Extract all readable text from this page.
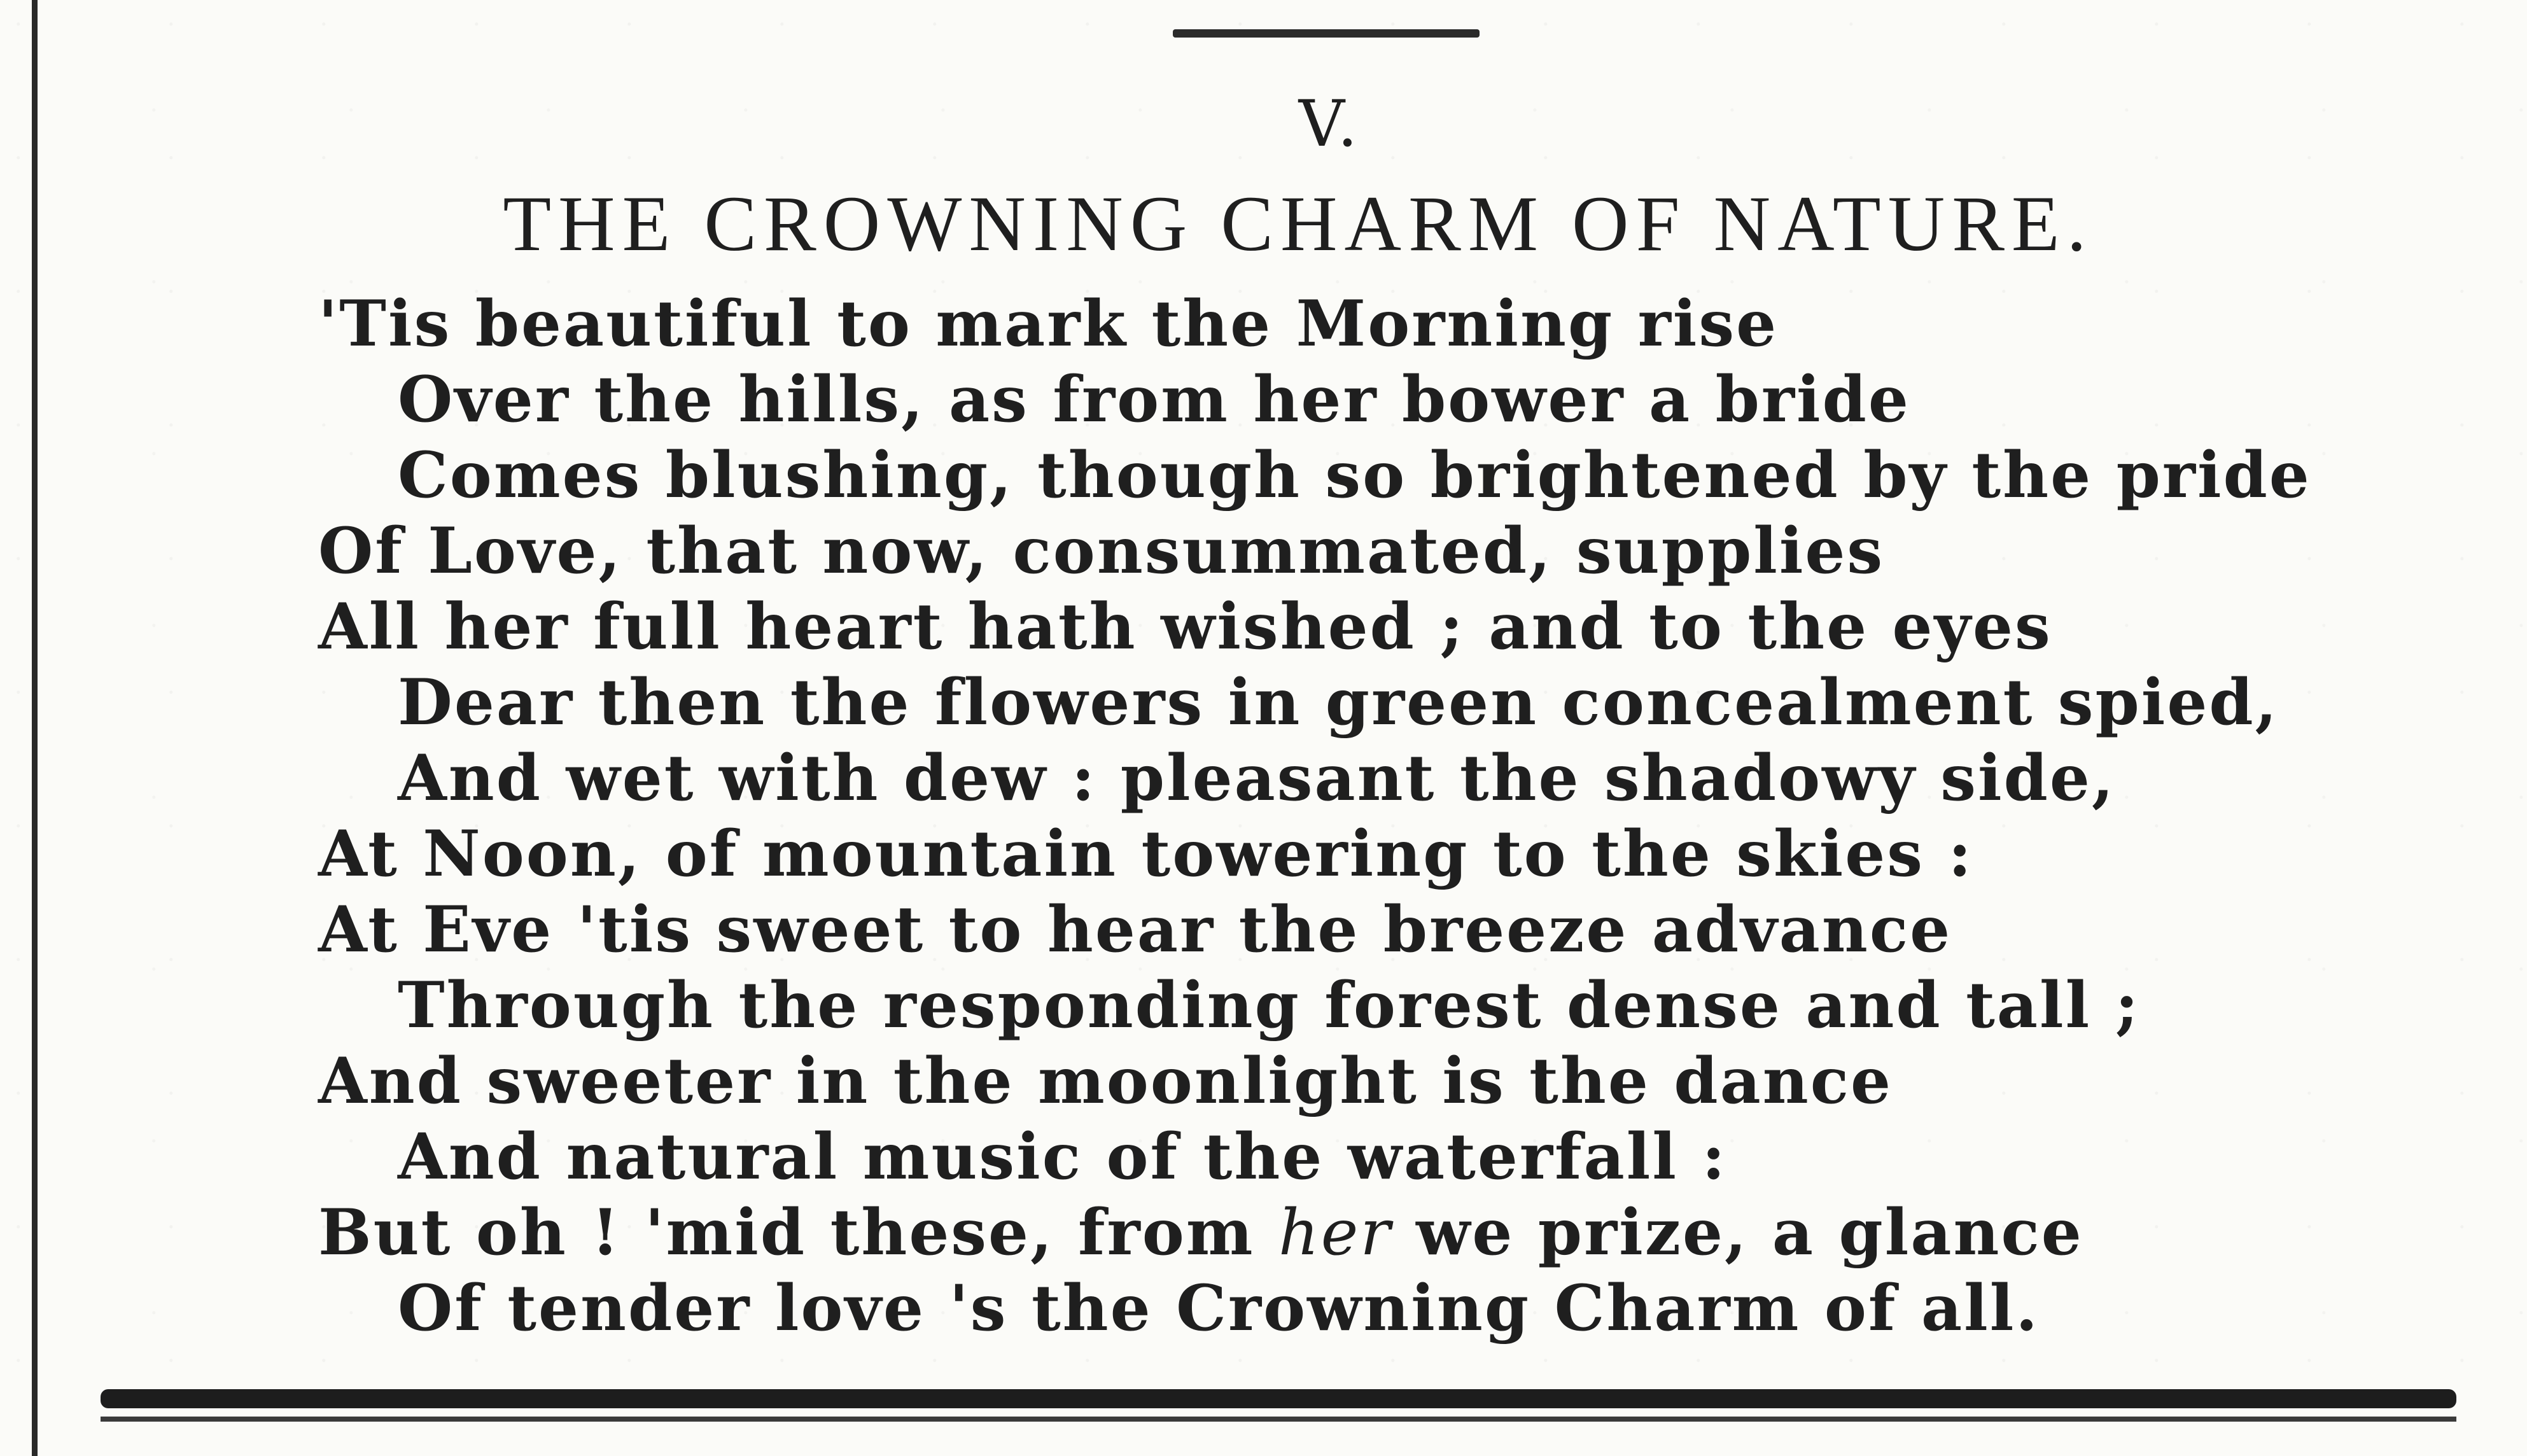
V.
THE CROWNING CHARM OF NATURE.
'Tis beautiful to mark the Morning rise
Over the hills, as from her bower a bride
Comes blushing, though so brightened by the pride
Of Love, that now, consummated, supplies
All her full heart hath wished ; and to the eyes
Dear then the flowers in green concealment spied,
And wet with dew : pleasant the shadowy side,
At Noon, of mountain towering to the skies :
At Eve 'tis sweet to hear the breeze advance
Through the responding forest dense and tall ;
And sweeter in the moonlight is the dance
And natural music of the waterfall :
But oh ! 'mid these, from her we prize, a glance
Of tender love 's the Crowning Charm of all.
